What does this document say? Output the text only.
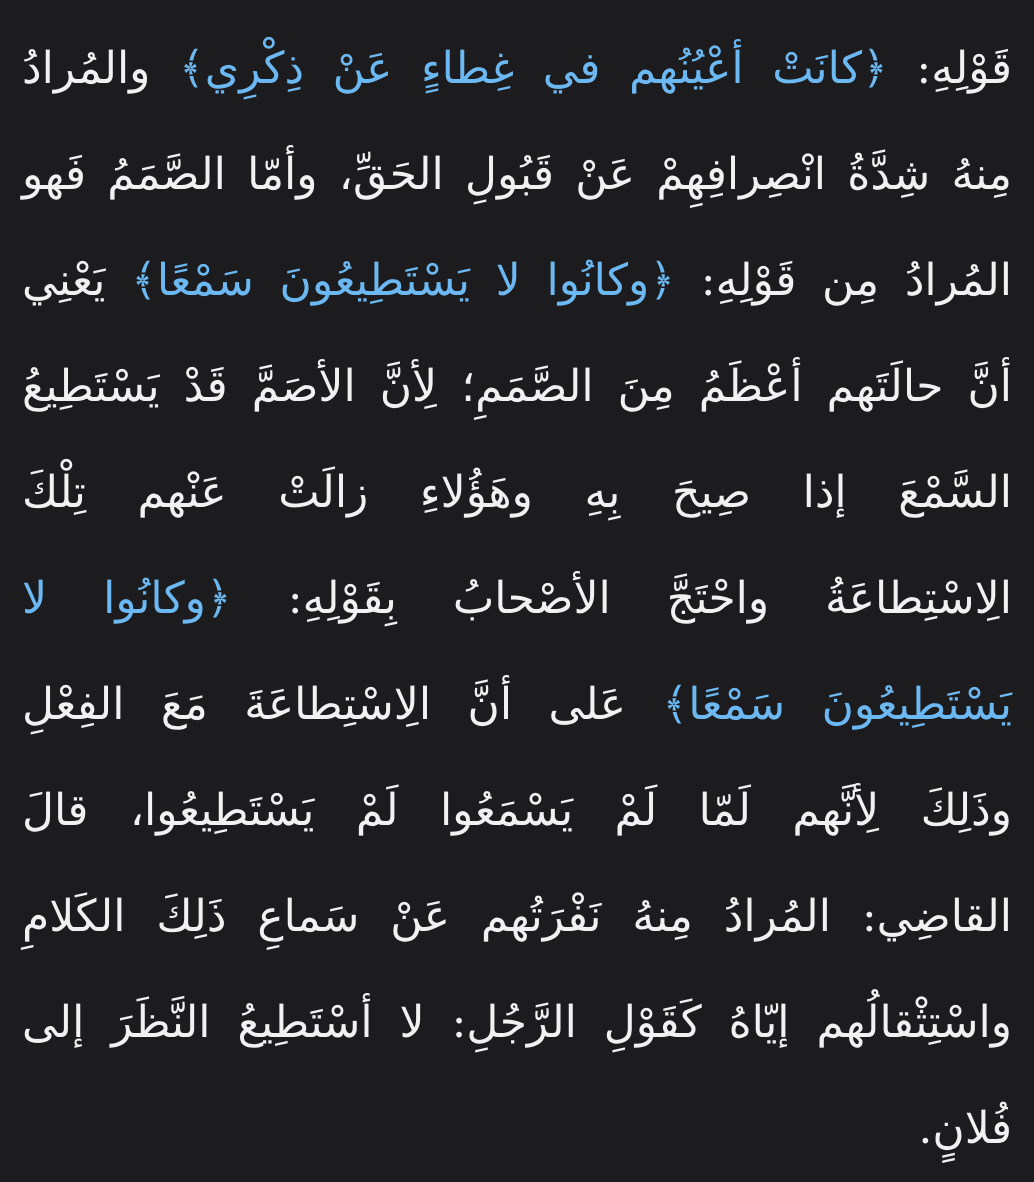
قَوْلِهِ: ﴿كانَتْ أعْيُنُهم في غِطاءٍ عَنْ ذِكْرِي﴾ والمُرادُ
مِنهُ شِدَّةُ انْصِرافِهِمْ عَنْ قَبُولِ الحَقِّ، وأمّا الصَّمَمُ فَهو
المُرادُ مِن قَوْلِهِ: ﴿وكانُوا لا يَسْتَطِيعُونَ سَمْعًا﴾ يَعْنِي
أنَّ حالَتَهم أعْظَمُ مِنَ الصَّمَمِ؛ لِأنَّ الأصَمَّ قَدْ يَسْتَطِيعُ
السَّمْعَ إذا صِيحَ بِهِ وهَؤُلاءِ زالَتْ عَنْهم تِلْكَ
الِاسْتِطاعَةُ واحْتَجَّ الأصْحابُ بِقَوْلِهِ: ﴿وكانُوا لا
يَسْتَطِيعُونَ سَمْعًا﴾ عَلى أنَّ الِاسْتِطاعَةَ مَعَ الفِعْلِ
وذَلِكَ لِأنَّهم لَمّا لَمْ يَسْمَعُوا لَمْ يَسْتَطِيعُوا، قالَ
القاضِي: المُرادُ مِنهُ نَفْرَتُهم عَنْ سَماعِ ذَلِكَ الكَلامِ
واسْتِثْقالُهم إيّاهُ كَقَوْلِ الرَّجُلِ: لا أسْتَطِيعُ النَّظَرَ إلى
فُلانٍ.
